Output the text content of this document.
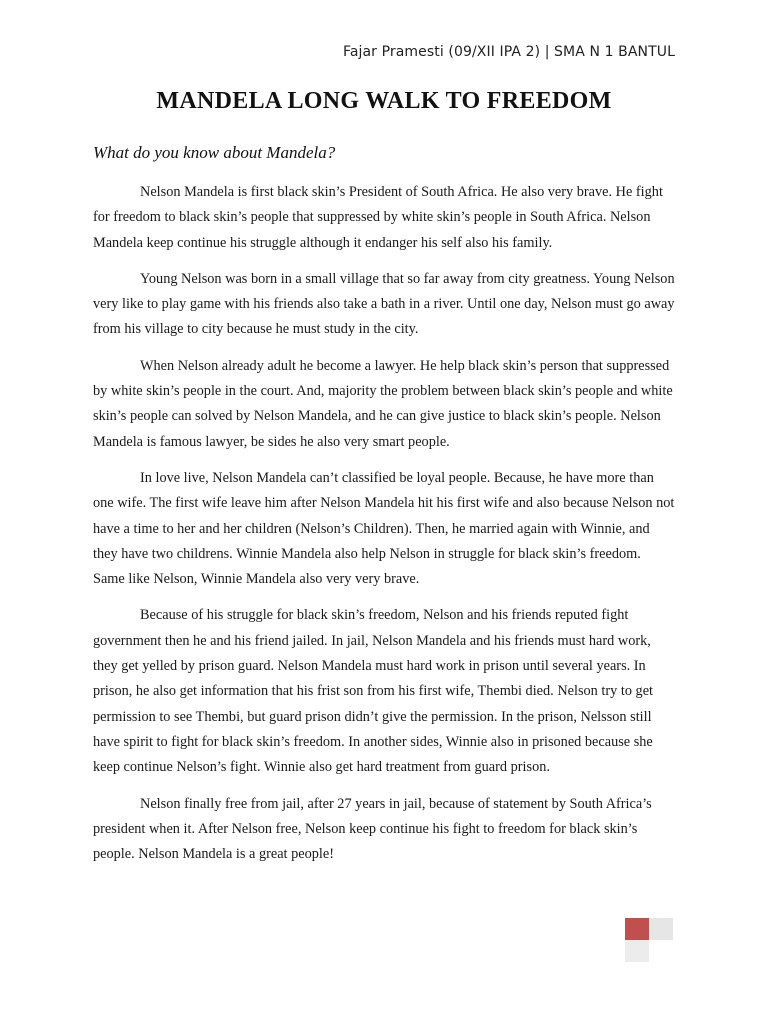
Fajar Pramesti (09/XII IPA 2) | SMA N 1 BANTUL
MANDELA LONG WALK TO FREEDOM
What do you know about Mandela?

Nelson Mandela is first black skin’s President of South Africa. He also very brave. He fight for freedom to black skin’s people that suppressed by white skin’s people in South Africa. Nelson Mandela keep continue his struggle although it endanger his self also his family.

Young Nelson was born in a small village that so far away from city greatness. Young Nelson very like to play game with his friends also take a bath in a river. Until one day, Nelson must go away from his village to city because he must study in the city.

When Nelson already adult he become a lawyer. He help black skin’s person that suppressed by white skin’s people in the court. And, majority the problem between black skin’s people and white skin’s people can solved by Nelson Mandela, and he can give justice to black skin’s people. Nelson Mandela is famous lawyer, be sides he also very smart people.

In love live, Nelson Mandela can’t classified be loyal people. Because, he have more than one wife. The first wife leave him after Nelson Mandela hit his first wife and also because Nelson not have a time to her and her children (Nelson’s Children). Then, he married again with Winnie, and they have two childrens. Winnie Mandela also help Nelson in struggle for black skin’s freedom. Same like Nelson, Winnie Mandela also very very brave.

Because of his struggle for black skin’s freedom, Nelson and his friends reputed fight government then he and his friend jailed. In jail, Nelson Mandela and his friends must hard work, they get yelled by prison guard. Nelson Mandela must hard work in prison until several years. In prison, he also get information that his frist son from his first wife, Thembi died. Nelson try to get permission to see Thembi, but guard prison didn’t give the permission. In the prison, Nelsson still have spirit to fight for black skin’s freedom. In another sides, Winnie also in prisoned because she keep continue Nelson’s fight. Winnie also get hard treatment from guard prison.

Nelson finally free from jail, after 27 years in jail, because of statement by South Africa’s president when it. After Nelson free, Nelson keep continue his fight to freedom for black skin’s people. Nelson Mandela is a great people!
